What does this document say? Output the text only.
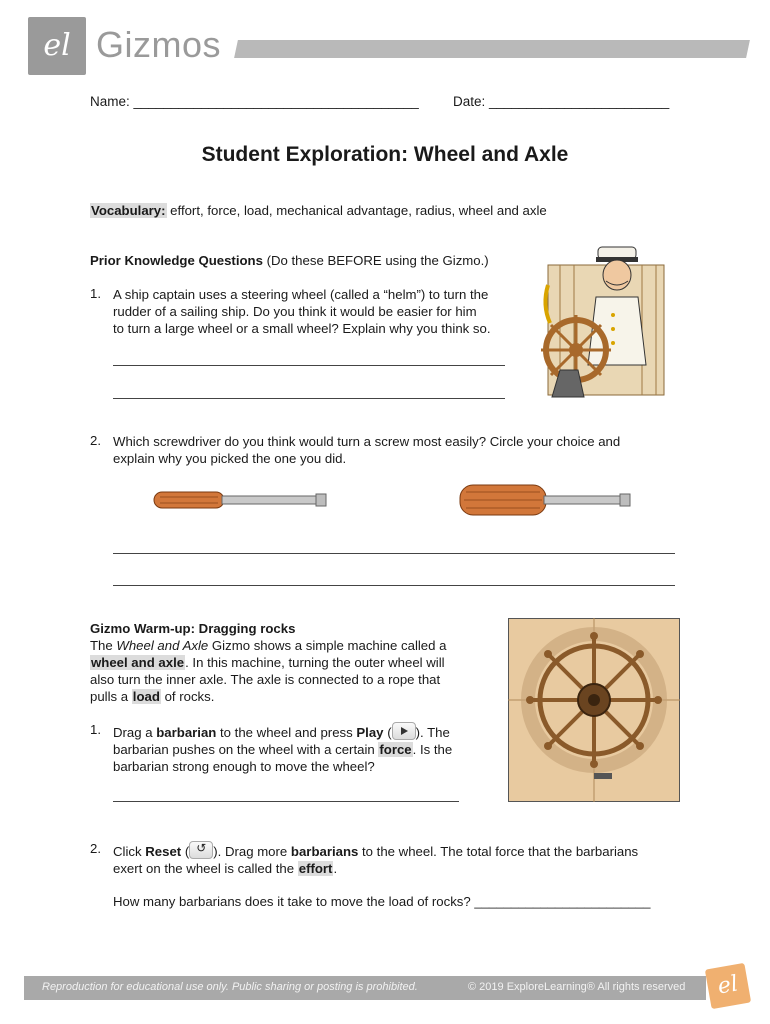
el Gizmos
Name: ______________________________________	Date: ________________________
Student Exploration: Wheel and Axle
Vocabulary: effort, force, load, mechanical advantage, radius, wheel and axle
Prior Knowledge Questions (Do these BEFORE using the Gizmo.)
1. A ship captain uses a steering wheel (called a “helm”) to turn the
rudder of a sailing ship. Do you think it would be easier for him
to turn a large wheel or a small wheel? Explain why you think so.
2. Which screwdriver do you think would turn a screw most easily? Circle your choice and
explain why you picked the one you did.
Gizmo Warm-up: Dragging rocks
The Wheel and Axle Gizmo shows a simple machine called a
wheel and axle. In this machine, turning the outer wheel will
also turn the inner axle. The axle is connected to a rope that
pulls a load of rocks.
1. Drag a barbarian to the wheel and press Play ( ). The
barbarian pushes on the wheel with a certain force. Is the
barbarian strong enough to move the wheel?
2. Click Reset ( ↺ ). Drag more barbarians to the wheel. The total force that the barbarians
exert on the wheel is called the effort.
How many barbarians does it take to move the load of rocks? ________________________
Reproduction for educational use only. Public sharing or posting is prohibited.	© 2019 ExploreLearning® All rights reserved	el
